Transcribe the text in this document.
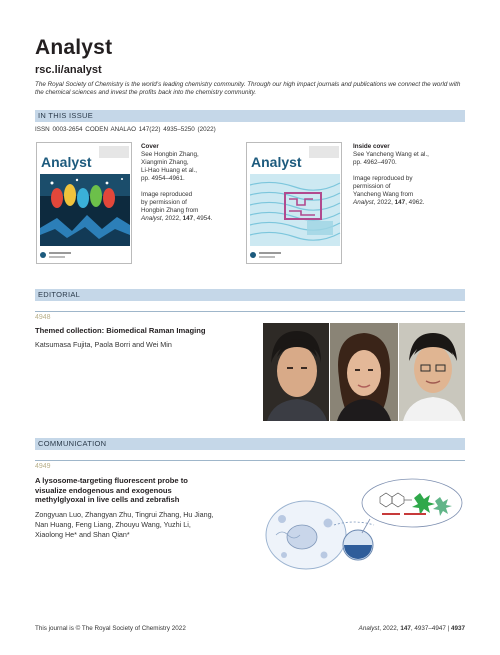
Analyst
rsc.li/analyst
The Royal Society of Chemistry is the world’s leading chemistry community. Through our high impact journals and publications we connect the world with the chemical sciences and invest the profits back into the chemistry community.
IN THIS ISSUE
ISSN 0003-2654 CODEN ANALAO 147(22) 4935–5250 (2022)
Analyst
Cover
See Hongbin Zhang,
Xiangmin Zhang,
Li-Hao Huang et al.,
pp. 4954–4961.
Image reproduced
by permission of
Hongbin Zhang from
Analyst, 2022, 147, 4954.
Analyst
Inside cover
See Yancheng Wang et al.,
pp. 4962–4970.
Image reproduced by
permission of
Yancheng Wang from
Analyst, 2022, 147, 4962.
EDITORIAL
4948
Themed collection: Biomedical Raman Imaging
Katsumasa Fujita, Paola Borri and Wei Min
COMMUNICATION
4949
A lysosome-targeting fluorescent probe to
visualize endogenous and exogenous
methylglyoxal in live cells and zebrafish
Zongyuan Luo, Zhangyan Zhu, Tingrui Zhang, Hu Jiang,
Nan Huang, Feng Liang, Zhouyu Wang, Yuzhi Li,
Xiaolong He* and Shan Qian*
This journal is © The Royal Society of Chemistry 2022	Analyst, 2022, 147, 4937–4947 | 4937
